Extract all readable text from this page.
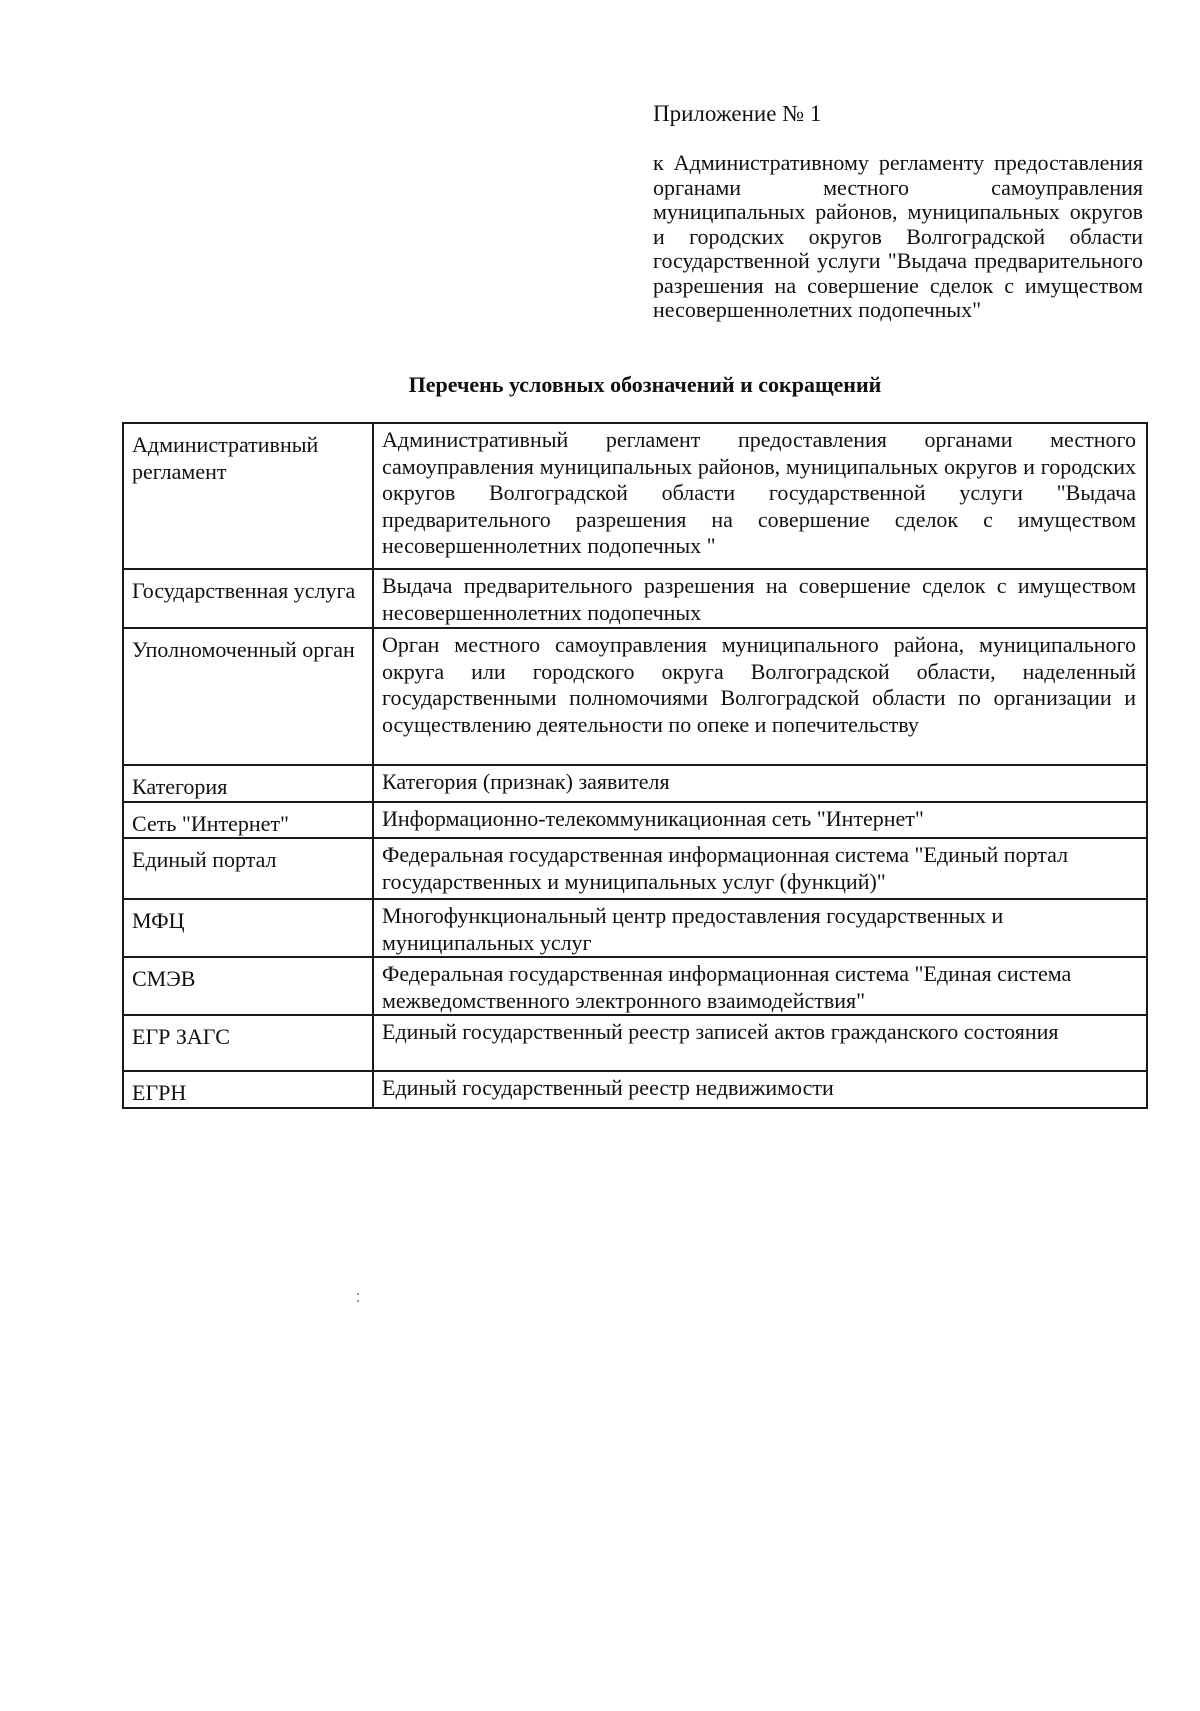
Приложение № 1
к Административному регламенту предоставления органами местного самоуправления муниципальных районов, муниципальных округов и городских округов Волгоградской области государственной услуги "Выдача предварительного разрешения на совершение сделок с имуществом несовершеннолетних подопечных"
Перечень условных обозначений и сокращений
Административный регламент	Административный регламент предоставления органами местного самоуправления муниципальных районов, муниципальных округов и городских округов Волгоградской области государственной услуги "Выдача предварительного разрешения на совершение сделок с имуществом несовершеннолетних подопечных "
Государственная услуга	Выдача предварительного разрешения на совершение сделок с имуществом несовершеннолетних подопечных
Уполномоченный орган	Орган местного самоуправления муниципального района, муниципального округа или городского округа Волгоградской области, наделенный государственными полномочиями Волгоградской области по организации и осуществлению деятельности по опеке и попечительству
Категория	Категория (признак) заявителя
Сеть "Интернет"	Информационно-телекоммуникационная сеть "Интернет"
Единый портал	Федеральная государственная информационная система "Единый портал государственных и муниципальных услуг (функций)"
МФЦ	Многофункциональный центр предоставления государственных и муниципальных услуг
СМЭВ	Федеральная государственная информационная система "Единая система межведомственного электронного взаимодействия"
ЕГР ЗАГС	Единый государственный реестр записей актов гражданского состояния
ЕГРН	Единый государственный реестр недвижимости
